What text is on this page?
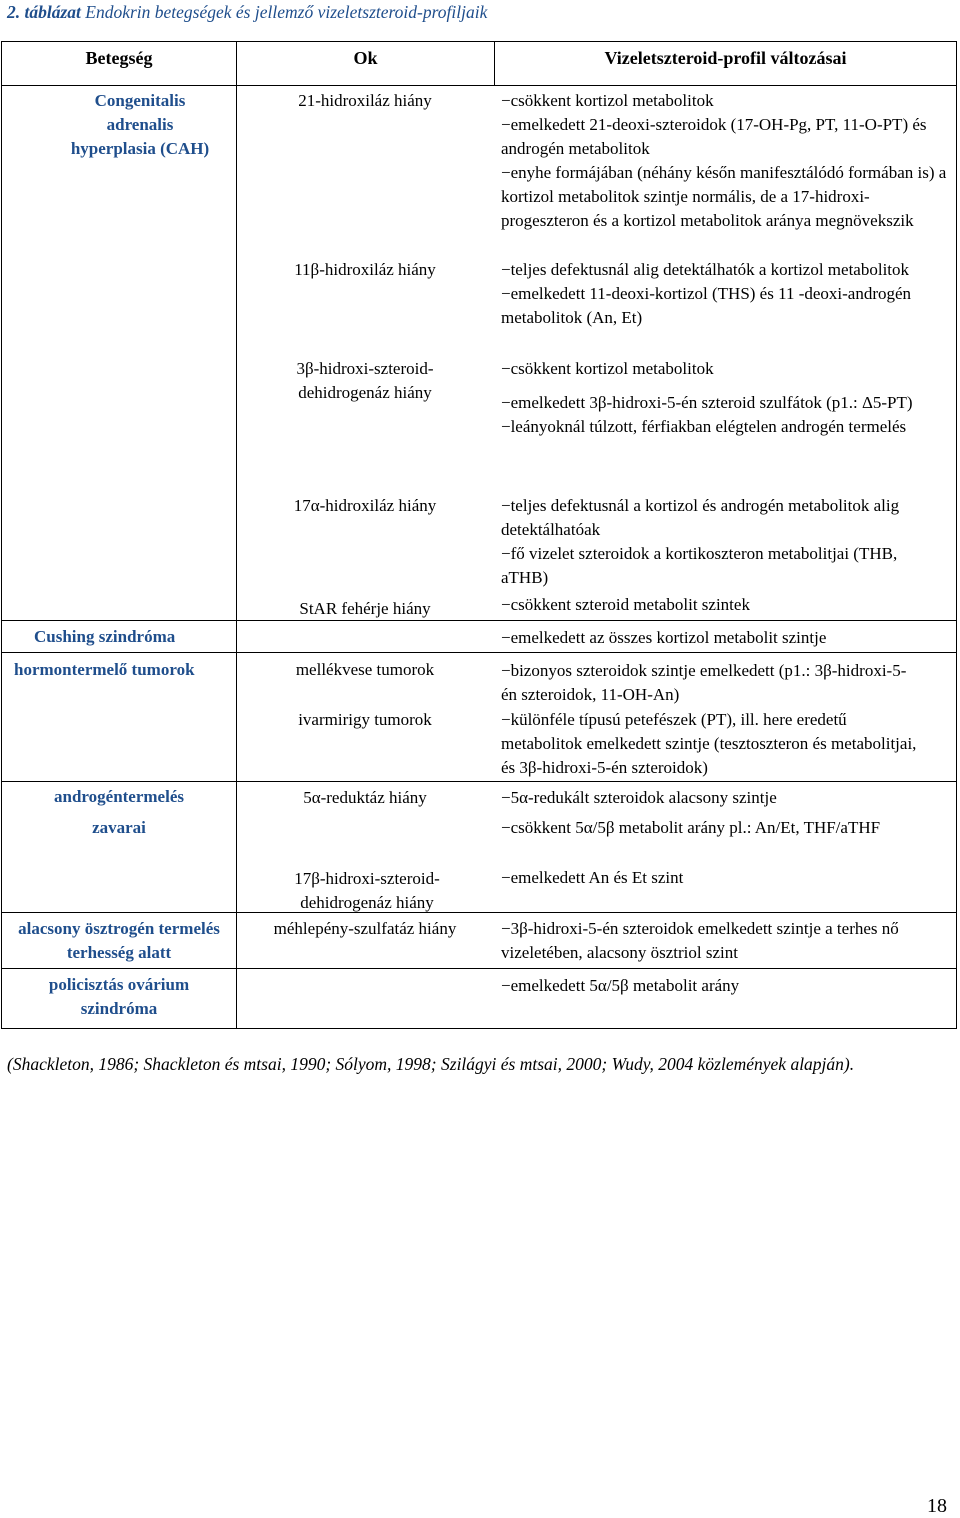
2. táblázat Endokrin betegségek és jellemző vizeletszteroid-profiljaik
Betegség	Ok	Vizeletszteroid-profil változásai
Congenitalis adrenalis hyperplasia (CAH)
Cushing szindróma
hormontermelő tumorok
androgéntermelés
zavarai
alacsony ösztrogén termelés terhesség alatt
policisztás ovárium szindróma
21-hidroxiláz hiány
11β-hidroxiláz hiány
3β-hidroxi-szteroid-dehidrogenáz hiány
17α-hidroxiláz hiány
StAR fehérje hiány
mellékvese tumorok
ivarmirigy tumorok
5α-reduktáz hiány
17β-hidroxi-szteroid-dehidrogenáz hiány
méhlepény-szulfatáz hiány
−csökkent kortizol metabolitok
−emelkedett 21-deoxi-szteroidok (17-OH-Pg, PT, 11-O-PT) és androgén metabolitok
−enyhe formájában (néhány későn manifesztálódó formában is) a kortizol metabolitok szintje normális, de a 17-hidroxi-progeszteron és a kortizol metabolitok aránya megnövekszik
−teljes defektusnál alig detektálhatók a kortizol metabolitok
−emelkedett 11-deoxi-kortizol (THS) és 11 -deoxi-androgén metabolitok (An, Et)
−csökkent kortizol metabolitok
−emelkedett 3β-hidroxi-5-én szteroid szulfátok (p1.: Δ5-PT)
−leányoknál túlzott, férfiakban elégtelen androgén termelés
−teljes defektusnál a kortizol és androgén metabolitok alig detektálhatóak
−fő vizelet szteroidok a kortikoszteron metabolitjai (THB, aTHB)
−csökkent szteroid metabolit szintek
−emelkedett az összes kortizol metabolit szintje
−bizonyos szteroidok szintje emelkedett (p1.: 3β-hidroxi-5-én szteroidok, 11-OH-An)
−különféle típusú petefészek (PT), ill. here eredetű metabolitok emelkedett szintje (tesztoszteron és metabolitjai, és 3β-hidroxi-5-én szteroidok)
−5α-redukált szteroidok alacsony szintje
−csökkent 5α/5β metabolit arány pl.: An/Et, THF/aTHF
−emelkedett An és Et szint
−3β-hidroxi-5-én szteroidok emelkedett szintje a terhes nő vizeletében, alacsony ösztriol szint
−emelkedett 5α/5β metabolit arány
(Shackleton, 1986; Shackleton és mtsai, 1990; Sólyom, 1998; Szilágyi és mtsai, 2000; Wudy, 2004 közlemények alapján).
18
